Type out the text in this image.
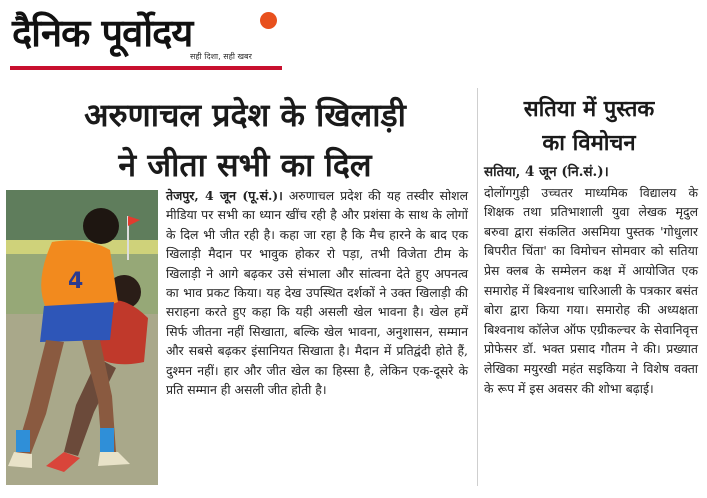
दैनिक पूर्वोदय
सही दिशा, सही खबर
अरुणाचल प्रदेश के खिलाड़ी
ने जीता सभी का दिल
4
तेजपुर, 4 जून (पू.सं.)। अरुणाचल प्रदेश की यह तस्वीर सोशल मीडिया पर सभी का ध्यान खींच रही है और प्रशंसा के साथ के लोगों के दिल भी जीत रही है। कहा जा रहा है कि मैच हारने के बाद एक खिलाड़ी मैदान पर भावुक होकर रो पड़ा, तभी विजेता टीम के खिलाड़ी ने आगे बढ़कर उसे संभाला और सांत्वना देते हुए अपनत्व का भाव प्रकट किया। यह देख उपस्थित दर्शकों ने उक्त खिलाड़ी की सराहना करते हुए कहा कि यही असली खेल भावना है। खेल हमें सिर्फ जीतना नहीं सिखाता, बल्कि खेल भावना, अनुशासन, सम्मान और सबसे बढ़कर इंसानियत सिखाता है। मैदान में प्रतिद्वंदी होते हैं, दुश्मन नहीं। हार और जीत खेल का हिस्सा है, लेकिन एक-दूसरे के प्रति सम्मान ही असली जीत होती है।
सतिया में पुस्तक
का विमोचन
सतिया, 4 जून (नि.सं.)।
दोलोंगगुड़ी उच्चतर माध्यमिक विद्यालय के शिक्षक तथा प्रतिभाशाली युवा लेखक मृदुल बरुवा द्वारा संकलित असमिया पुस्तक 'गोधुलार बिपरीत चिंता' का विमोचन सोमवार को सतिया प्रेस क्लब के सम्मेलन कक्ष में आयोजित एक समारोह में बिश्वनाथ चारिआली के पत्रकार बसंत बोरा द्वारा किया गया। समारोह की अध्यक्षता बिश्वनाथ कॉलेज ऑफ एग्रीकल्चर के सेवानिवृत्त प्रोफेसर डॉ. भक्त प्रसाद गौतम ने की। प्रख्यात लेखिका मयुरखी महंत सइकिया ने विशेष वक्ता के रूप में इस अवसर की शोभा बढ़ाई।
